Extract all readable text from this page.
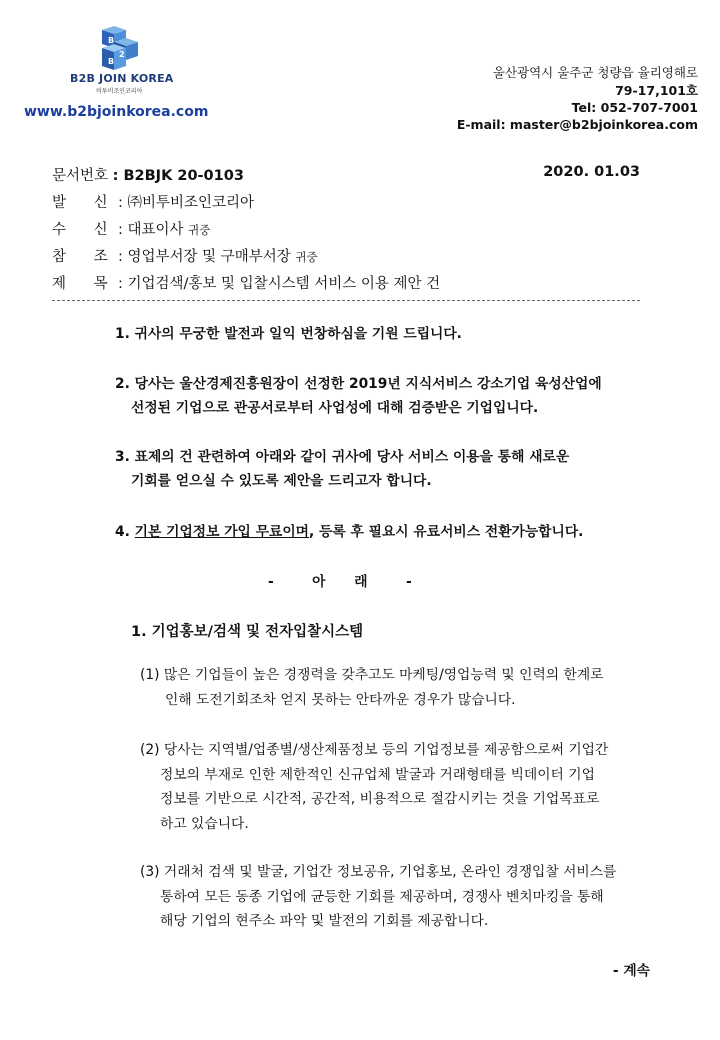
B
2
B
B2B JOIN KOREA
비투비조인코리아
www.b2bjoinkorea.com
울산광역시 울주군 청량읍 율리영해로
79-17,101호
Tel: 052-707-7001
E-mail: master@b2bjoinkorea.com
문서번호 : B2BJK 20-0103	2020. 01.03
발      신 : ㈜비투비조인코리아
수      신 : 대표이사 귀중
참      조 : 영업부서장 및 구매부서장 귀중
제      목 : 기업검색/홍보 및 입찰시스템 서비스 이용 제안 건
1. 귀사의 무궁한 발전과 일익 번창하심을 기원 드립니다.
2. 당사는 울산경제진흥원장이 선정한 2019년 지식서비스 강소기업 육성산업에
선정된 기업으로 관공서로부터 사업성에 대해 검증받은 기업입니다.
3. 표제의 건 관련하여 아래와 같이 귀사에 당사 서비스 이용을 통해 새로운
기회를 얻으실 수 있도록 제안을 드리고자 합니다.
4. 기본 기업정보 가입 무료이며, 등록 후 필요시 유료서비스 전환가능합니다.
-        아      래        -
1. 기업홍보/검색 및 전자입찰시스템
(1) 많은 기업들이 높은 경쟁력을 갖추고도 마케팅/영업능력 및 인력의 한계로
인해 도전기회조차 얻지 못하는 안타까운 경우가 많습니다.
(2) 당사는 지역별/업종별/생산제품정보 등의 기업정보를 제공함으로써 기업간
정보의 부재로 인한 제한적인 신규업체 발굴과 거래형태를 빅데이터 기업
정보를 기반으로 시간적, 공간적, 비용적으로 절감시키는 것을 기업목표로
하고 있습니다.
(3) 거래처 검색 및 발굴, 기업간 정보공유, 기업홍보, 온라인 경쟁입찰 서비스를
통하여 모든 동종 기업에 균등한 기회를 제공하며, 경쟁사 벤치마킹을 통해
해당 기업의 현주소 파악 및 발전의 기회를 제공합니다.
- 계속
